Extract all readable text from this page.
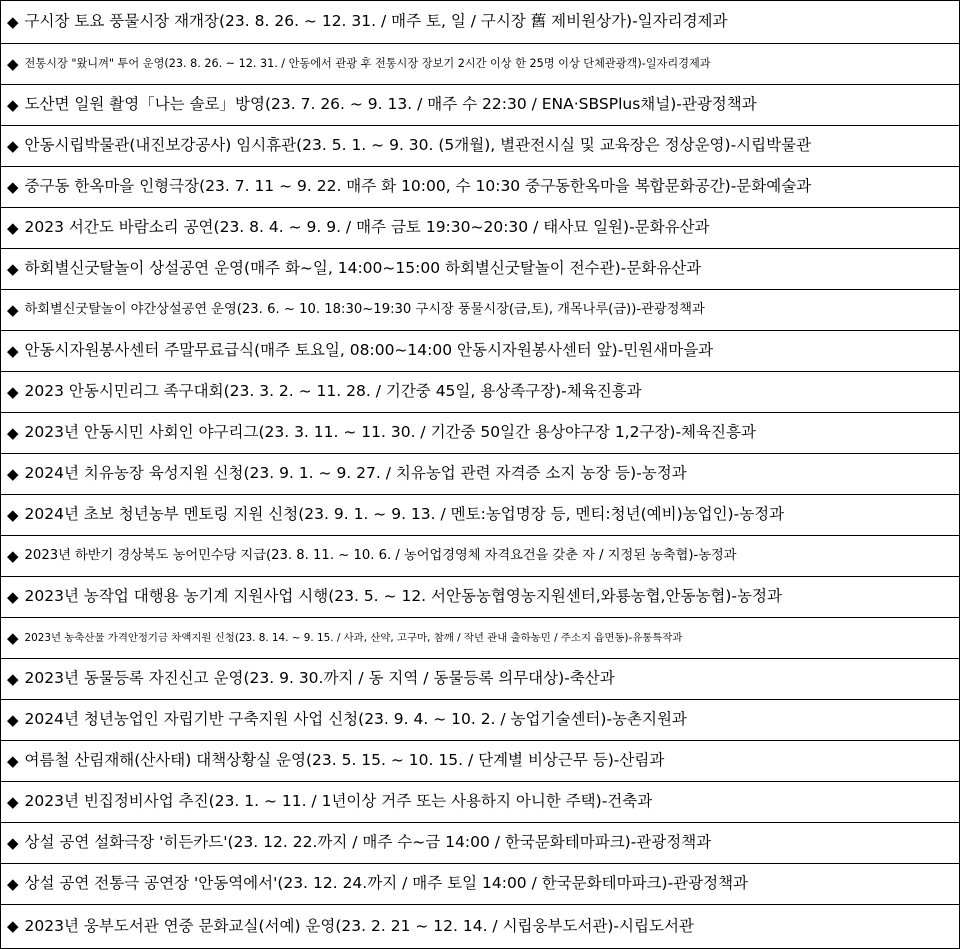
◆ 구시장 토요 풍물시장 재개장(23. 8. 26. ~ 12. 31. / 매주 토, 일 / 구시장 舊 제비원상가)-일자리경제과
◆ 전통시장 "왔니껴" 투어 운영(23. 8. 26. ~ 12. 31. / 안동에서 관광 후 전통시장 장보기 2시간 이상 한 25명 이상 단체관광객)-일자리경제과
◆ 도산면 일원 촬영「나는 솔로」방영(23. 7. 26. ~ 9. 13. / 매주 수 22:30 / ENA·SBSPlus채널)-관광정책과
◆ 안동시립박물관(내진보강공사) 임시휴관(23. 5. 1. ~ 9. 30. (5개월), 별관전시실 및 교육장은 정상운영)-시립박물관
◆ 중구동 한옥마을 인형극장(23. 7. 11 ~ 9. 22. 매주 화 10:00, 수 10:30 중구동한옥마을 복합문화공간)-문화예술과
◆ 2023 서간도 바람소리 공연(23. 8. 4. ~ 9. 9. / 매주 금토 19:30~20:30 / 태사묘 일원)-문화유산과
◆ 하회별신굿탈놀이 상설공연 운영(매주 화~일, 14:00~15:00 하회별신굿탈놀이 전수관)-문화유산과
◆ 하회별신굿탈놀이 야간상설공연 운영(23. 6. ~ 10. 18:30~19:30 구시장 풍물시장(금,토), 개목나루(금))-관광정책과
◆ 안동시자원봉사센터 주말무료급식(매주 토요일, 08:00~14:00 안동시자원봉사센터 앞)-민원새마을과
◆ 2023 안동시민리그 족구대회(23. 3. 2. ~ 11. 28. / 기간중 45일, 용상족구장)-체육진흥과
◆ 2023년 안동시민 사회인 야구리그(23. 3. 11. ~ 11. 30. / 기간중 50일간 용상야구장 1,2구장)-체육진흥과
◆ 2024년 치유농장 육성지원 신청(23. 9. 1. ~ 9. 27. / 치유농업 관련 자격증 소지 농장 등)-농정과
◆ 2024년 초보 청년농부 멘토링 지원 신청(23. 9. 1. ~ 9. 13. / 멘토:농업명장 등, 멘티:청년(예비)농업인)-농정과
◆ 2023년 하반기 경상북도 농어민수당 지급(23. 8. 11. ~ 10. 6. / 농어업경영체 자격요건을 갖춘 자 / 지정된 농축협)-농정과
◆ 2023년 농작업 대행용 농기계 지원사업 시행(23. 5. ~ 12. 서안동농협영농지원센터,와룡농협,안동농협)-농정과
◆ 2023년 농축산물 가격안정기금 차액지원 신청(23. 8. 14. ~ 9. 15. / 사과, 산약, 고구마, 참깨 / 작년 관내 출하농민 / 주소지 읍면동)-유통특작과
◆ 2023년 동물등록 자진신고 운영(23. 9. 30.까지 / 동 지역 / 동물등록 의무대상)-축산과
◆ 2024년 청년농업인 자립기반 구축지원 사업 신청(23. 9. 4. ~ 10. 2. / 농업기술센터)-농촌지원과
◆ 여름철 산림재해(산사태) 대책상황실 운영(23. 5. 15. ~ 10. 15. / 단계별 비상근무 등)-산림과
◆ 2023년 빈집정비사업 추진(23. 1. ~ 11. / 1년이상 거주 또는 사용하지 아니한 주택)-건축과
◆ 상설 공연 설화극장 '히든카드'(23. 12. 22.까지 / 매주 수~금 14:00 / 한국문화테마파크)-관광정책과
◆ 상설 공연 전통극 공연장 '안동역에서'(23. 12. 24.까지 / 매주 토일 14:00 / 한국문화테마파크)-관광정책과
◆ 2023년 웅부도서관 연중 문화교실(서예) 운영(23. 2. 21 ~ 12. 14. / 시립웅부도서관)-시립도서관
